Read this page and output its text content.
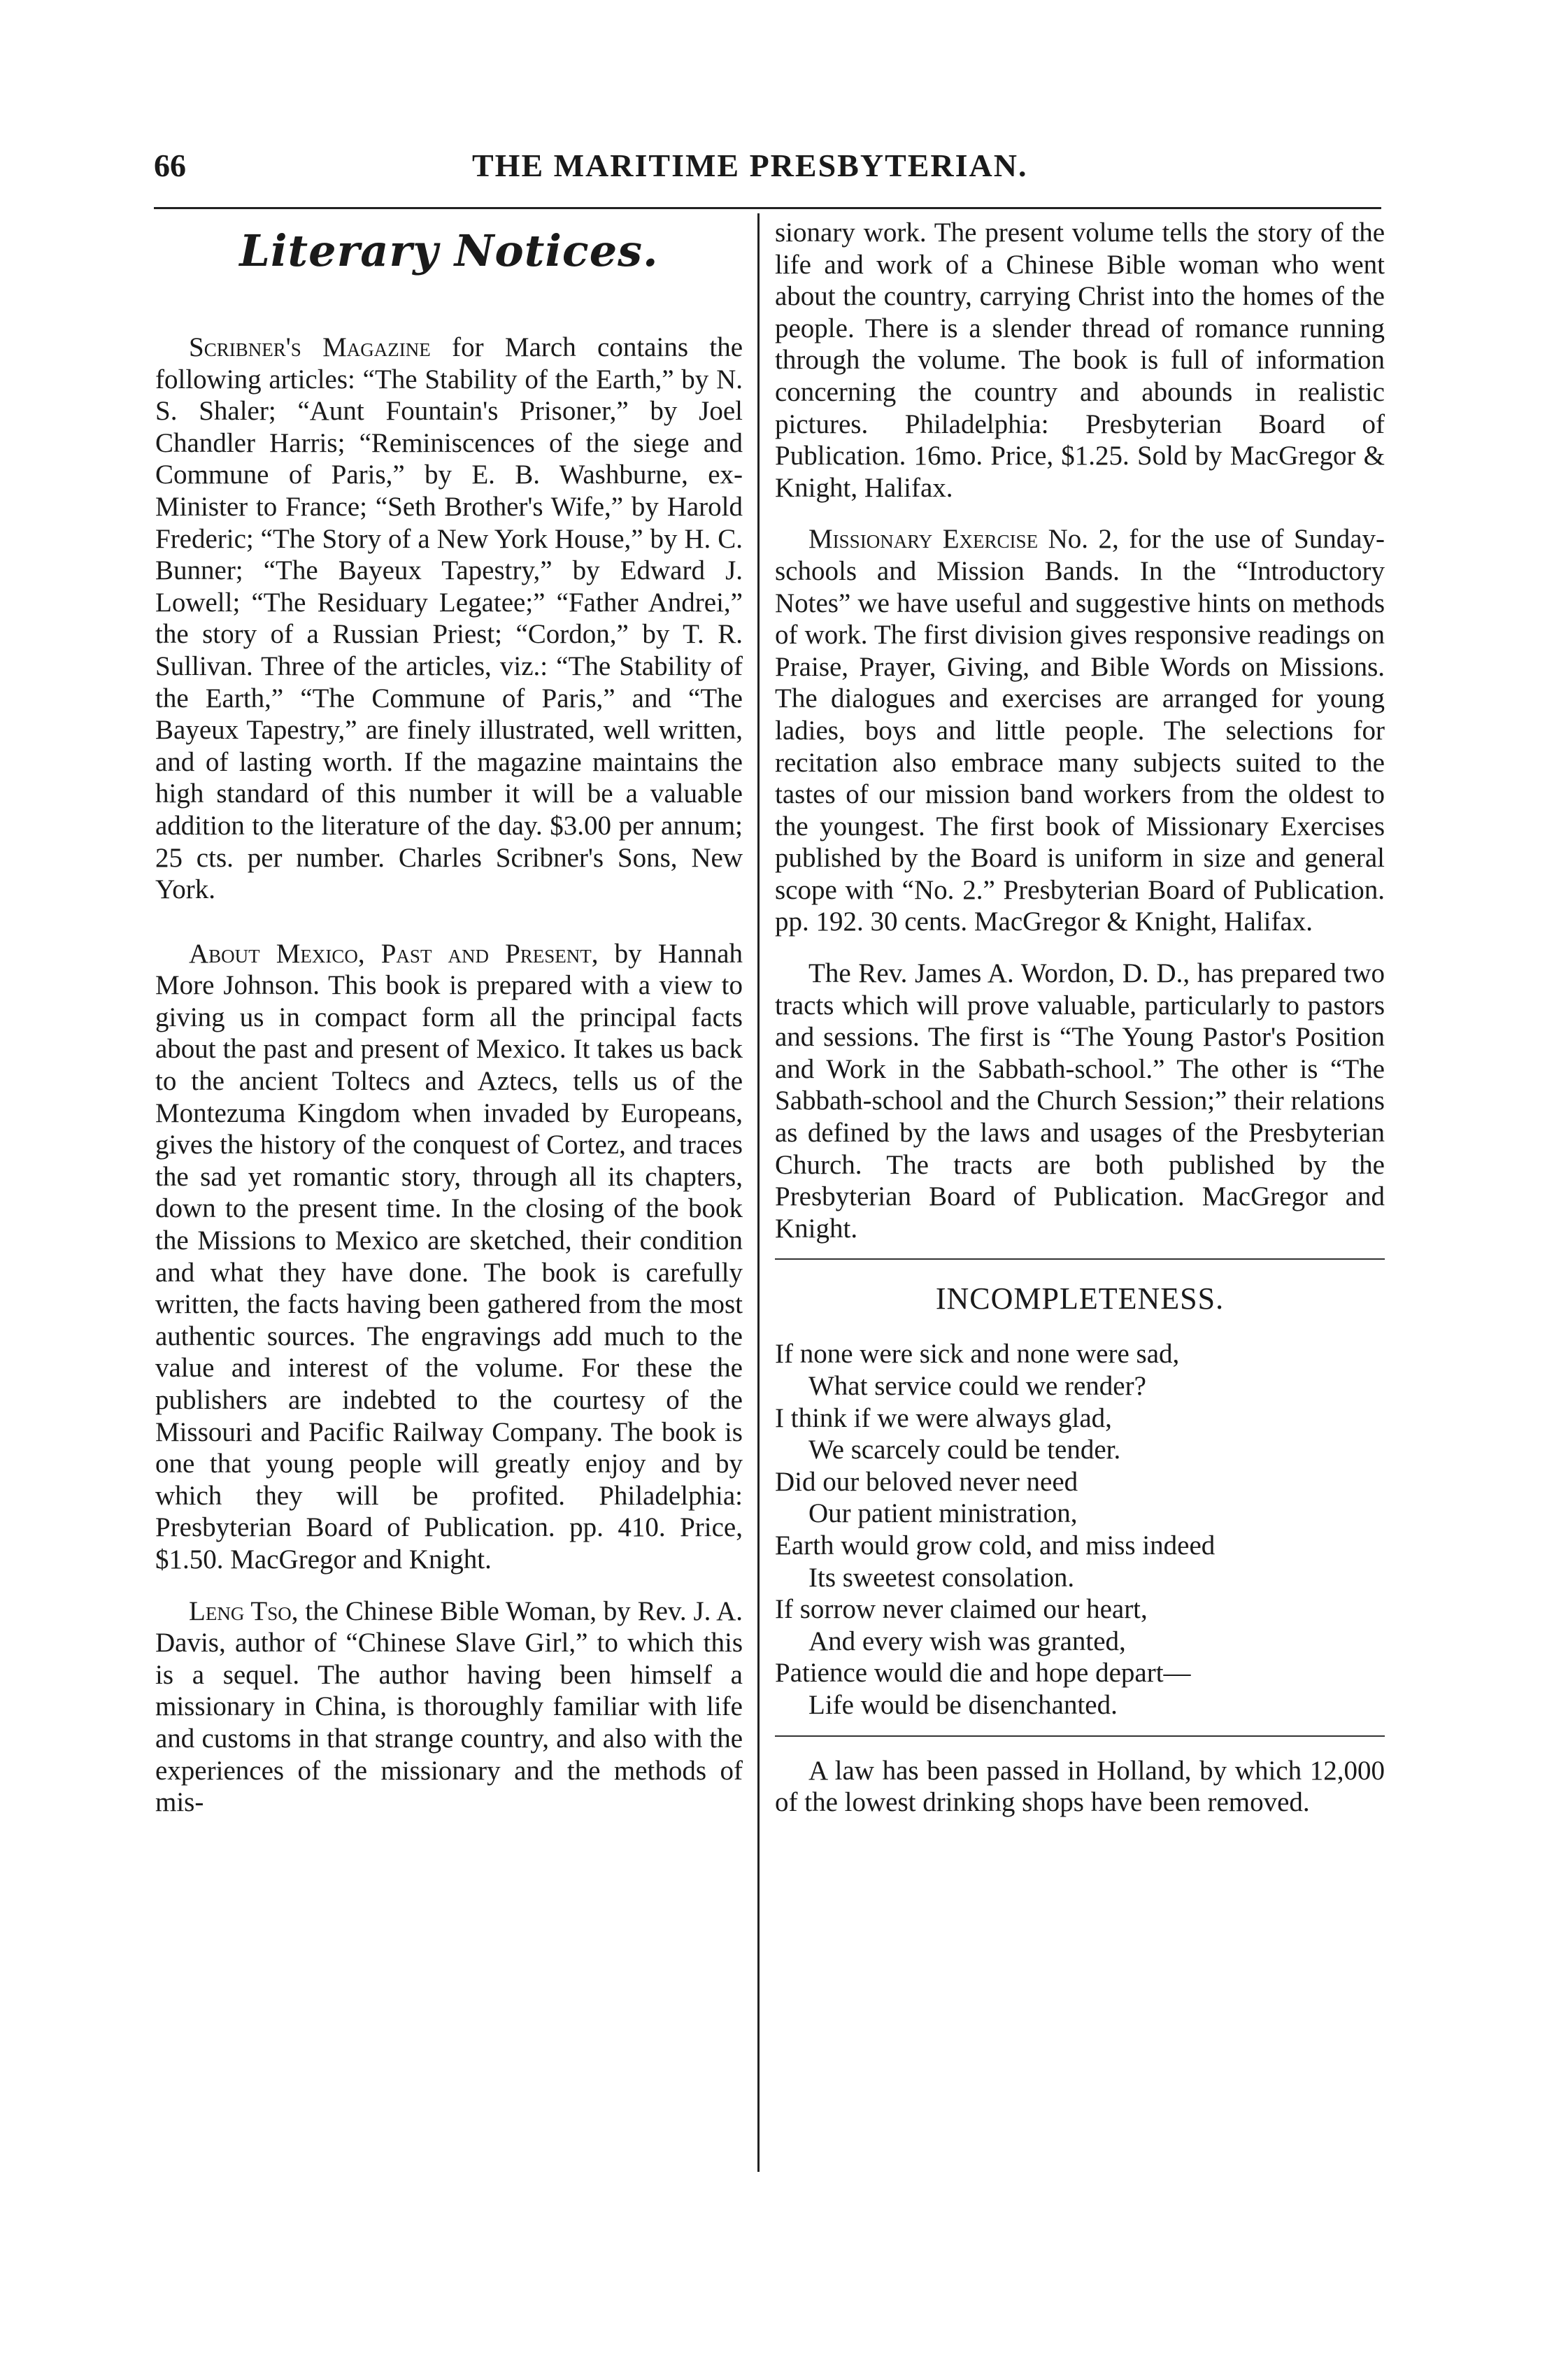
66	THE MARITIME PRESBYTERIAN.
Literary Notices.

Scribner's Magazine for March contains the following articles: “The Stability of the Earth,” by N. S. Shaler; “Aunt Fountain's Prisoner,” by Joel Chandler Harris; “Reminiscences of the siege and Commune of Paris,” by E. B. Washburne, ex-Minister to France; “Seth Brother's Wife,” by Harold Frederic; “The Story of a New York House,” by H. C. Bunner; “The Bayeux Tapestry,” by Edward J. Lowell; “The Residuary Legatee;” “Father Andrei,” the story of a Russian Priest; “Cordon,” by T. R. Sullivan. Three of the articles, viz.: “The Stability of the Earth,” “The Commune of Paris,” and “The Bayeux Tapestry,” are finely illustrated, well written, and of lasting worth. If the magazine maintains the high standard of this number it will be a valuable addition to the literature of the day. $3.00 per annum; 25 cts. per number. Charles Scribner's Sons, New York.

About Mexico, Past and Present, by Hannah More Johnson. This book is prepared with a view to giving us in compact form all the principal facts about the past and present of Mexico. It takes us back to the ancient Toltecs and Aztecs, tells us of the Montezuma Kingdom when invaded by Europeans, gives the history of the conquest of Cortez, and traces the sad yet romantic story, through all its chapters, down to the present time. In the closing of the book the Missions to Mexico are sketched, their condition and what they have done. The book is carefully written, the facts having been gathered from the most authentic sources. The engravings add much to the value and interest of the volume. For these the publishers are indebted to the courtesy of the Missouri and Pacific Railway Company. The book is one that young people will greatly enjoy and by which they will be profited. Philadelphia: Presbyterian Board of Publication. pp. 410. Price, $1.50. MacGregor and Knight.

Leng Tso, the Chinese Bible Woman, by Rev. J. A. Davis, author of “Chinese Slave Girl,” to which this is a sequel. The author having been himself a missionary in China, is thoroughly familiar with life and customs in that strange country, and also with the experiences of the missionary and the methods of mis-

sionary work. The present volume tells the story of the life and work of a Chinese Bible woman who went about the country, carrying Christ into the homes of the people. There is a slender thread of romance running through the volume. The book is full of information concerning the country and abounds in realistic pictures. Philadelphia: Presbyterian Board of Publication. 16mo. Price, $1.25. Sold by MacGregor & Knight, Halifax.

Missionary Exercise No. 2, for the use of Sunday-schools and Mission Bands. In the “Introductory Notes” we have useful and suggestive hints on methods of work. The first division gives responsive readings on Praise, Prayer, Giving, and Bible Words on Missions. The dialogues and exercises are arranged for young ladies, boys and little people. The selections for recitation also embrace many subjects suited to the tastes of our mission band workers from the oldest to the youngest. The first book of Missionary Exercises published by the Board is uniform in size and general scope with “No. 2.” Presbyterian Board of Publication. pp. 192. 30 cents. MacGregor & Knight, Halifax.

The Rev. James A. Wordon, D. D., has prepared two tracts which will prove valuable, particularly to pastors and sessions. The first is “The Young Pastor's Position and Work in the Sabbath-school.” The other is “The Sabbath-school and the Church Session;” their relations as defined by the laws and usages of the Presbyterian Church. The tracts are both published by the Presbyterian Board of Publication. MacGregor and Knight.

INCOMPLETENESS.
If none were sick and none were sad,
What service could we render?
I think if we were always glad,
We scarcely could be tender.
Did our beloved never need
Our patient ministration,
Earth would grow cold, and miss indeed
Its sweetest consolation.
If sorrow never claimed our heart,
And every wish was granted,
Patience would die and hope depart—
Life would be disenchanted.

A law has been passed in Holland, by which 12,000 of the lowest drinking shops have been removed.
